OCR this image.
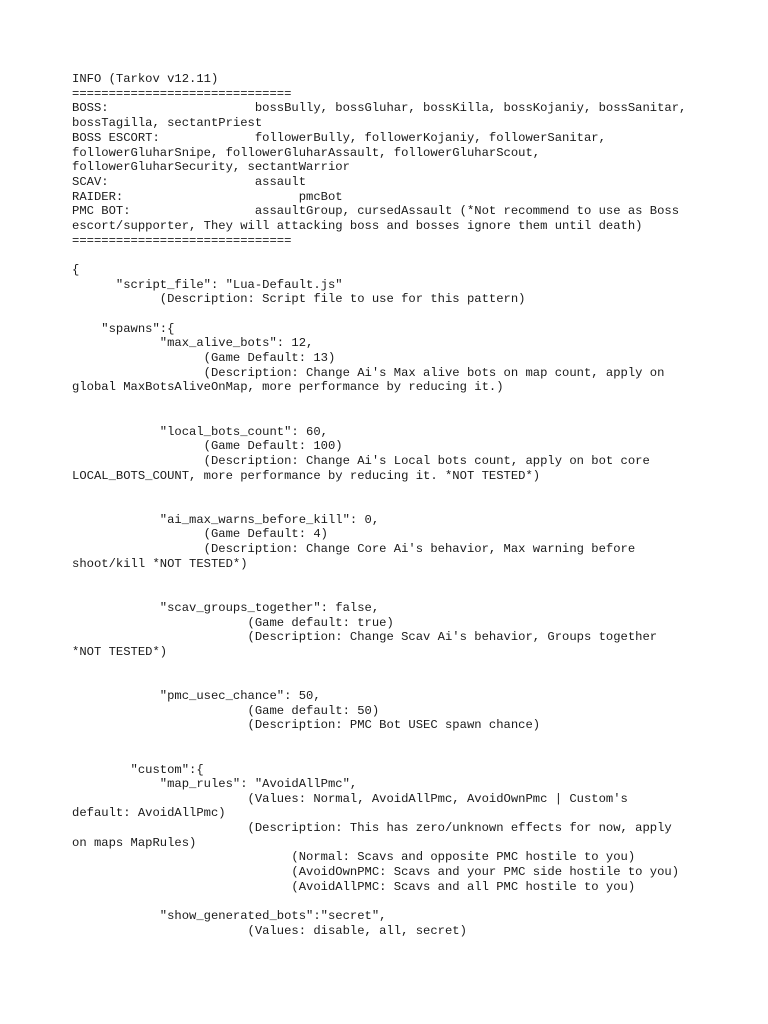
INFO (Tarkov v12.11)
==============================
BOSS:                    bossBully, bossGluhar, bossKilla, bossKojaniy, bossSanitar,
bossTagilla, sectantPriest
BOSS ESCORT:             followerBully, followerKojaniy, followerSanitar,
followerGluharSnipe, followerGluharAssault, followerGluharScout,
followerGluharSecurity, sectantWarrior
SCAV:                    assault
RAIDER:                        pmcBot
PMC BOT:                 assaultGroup, cursedAssault (*Not recommend to use as Boss
escort/supporter, They will attacking boss and bosses ignore them until death)
==============================
{
"script_file": "Lua-Default.js"
(Description: Script file to use for this pattern)
"spawns":{
"max_alive_bots": 12,
(Game Default: 13)
(Description: Change Ai's Max alive bots on map count, apply on
global MaxBotsAliveOnMap, more performance by reducing it.)
"local_bots_count": 60,
(Game Default: 100)
(Description: Change Ai's Local bots count, apply on bot core
LOCAL_BOTS_COUNT, more performance by reducing it. *NOT TESTED*)
"ai_max_warns_before_kill": 0,
(Game Default: 4)
(Description: Change Core Ai's behavior, Max warning before
shoot/kill *NOT TESTED*)
"scav_groups_together": false,
(Game default: true)
(Description: Change Scav Ai's behavior, Groups together
*NOT TESTED*)
"pmc_usec_chance": 50,
(Game default: 50)
(Description: PMC Bot USEC spawn chance)
"custom":{
"map_rules": "AvoidAllPmc",
(Values: Normal, AvoidAllPmc, AvoidOwnPmc | Custom's
default: AvoidAllPmc)
(Description: This has zero/unknown effects for now, apply
on maps MapRules)
(Normal: Scavs and opposite PMC hostile to you)
(AvoidOwnPMC: Scavs and your PMC side hostile to you)
(AvoidAllPMC: Scavs and all PMC hostile to you)
"show_generated_bots":"secret",
(Values: disable, all, secret)
